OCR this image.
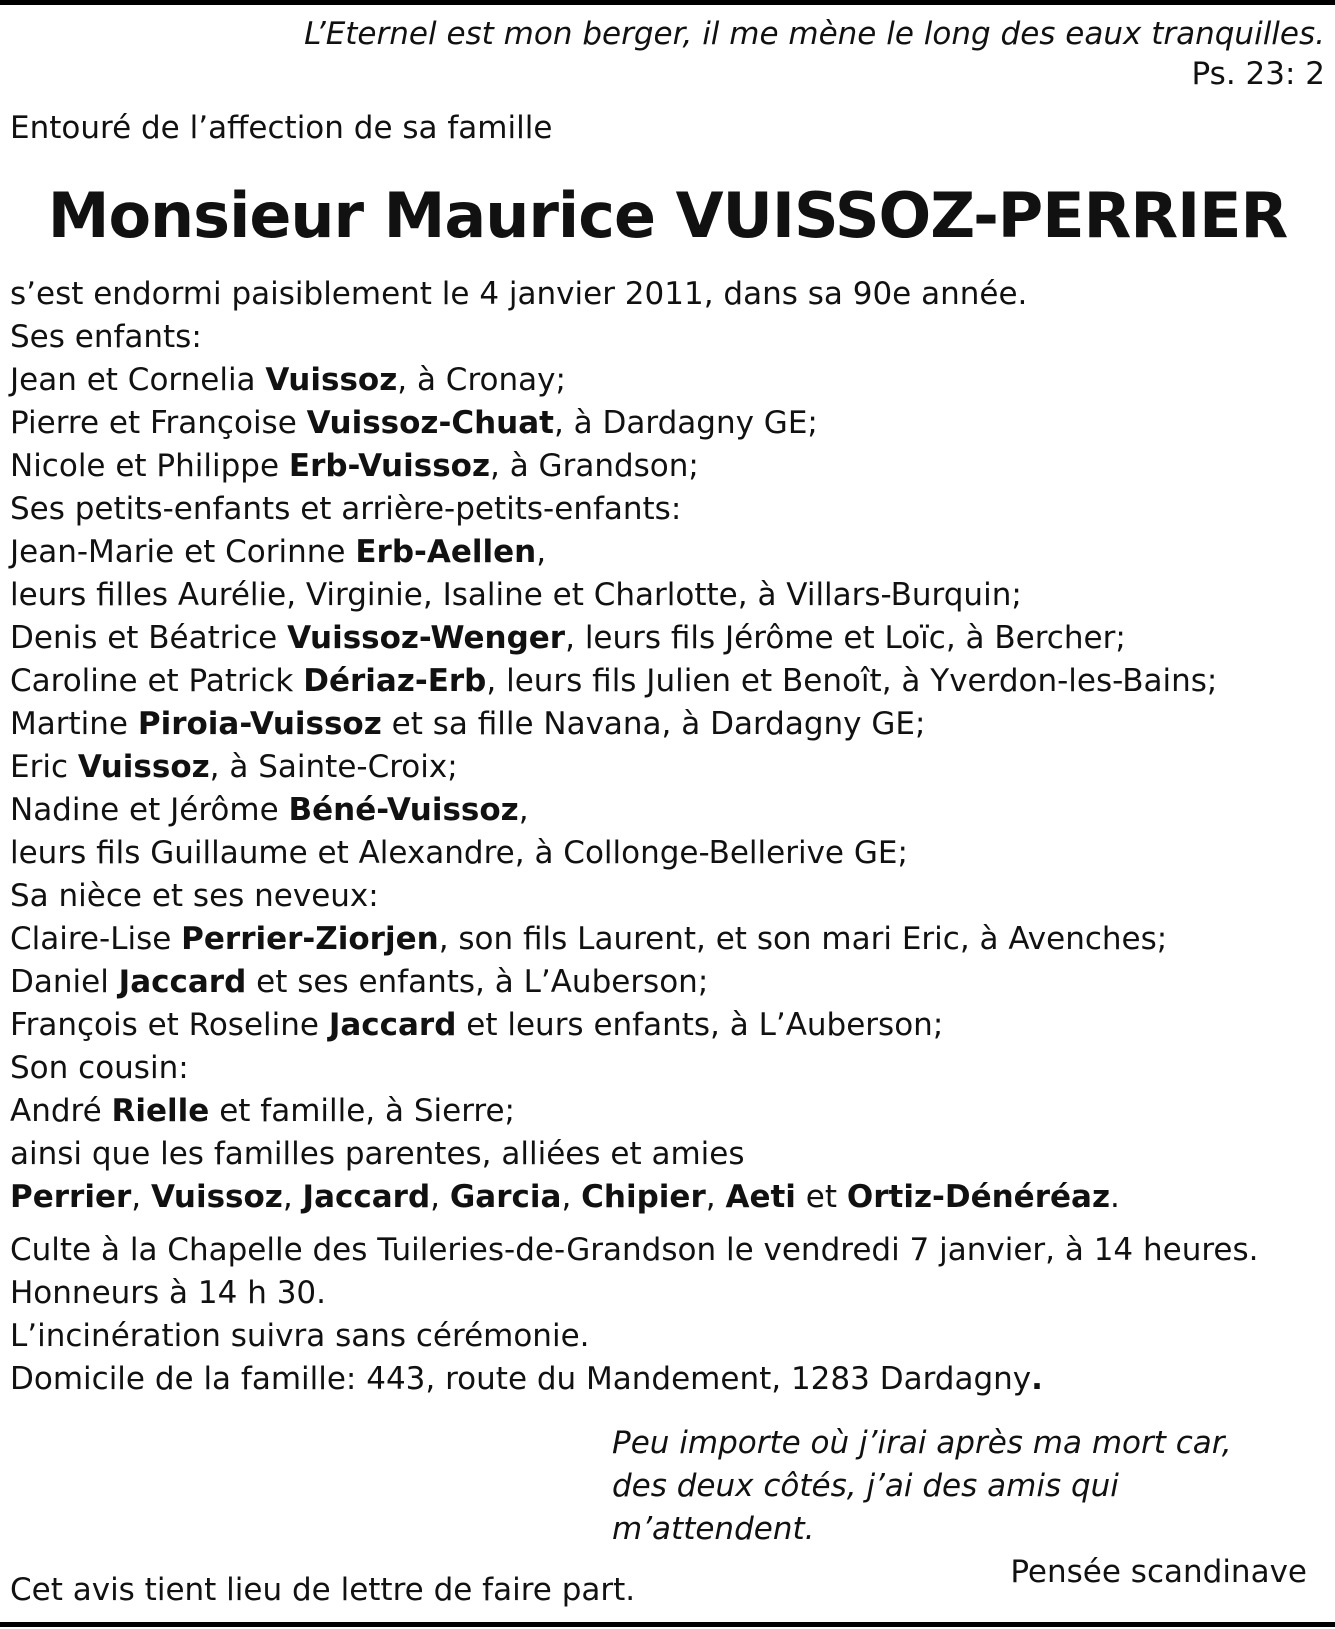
L’Eternel est mon berger, il me mène le long des eaux tranquilles.
Ps. 23: 2
Entouré de l’affection de sa famille
Monsieur Maurice VUISSOZ-PERRIER
s’est endormi paisiblement le 4 janvier 2011, dans sa 90e année.
Ses enfants:
Jean et Cornelia Vuissoz, à Cronay;
Pierre et Françoise Vuissoz-Chuat, à Dardagny GE;
Nicole et Philippe Erb-Vuissoz, à Grandson;
Ses petits-enfants et arrière-petits-enfants:
Jean-Marie et Corinne Erb-Aellen,
leurs filles Aurélie, Virginie, Isaline et Charlotte, à Villars-Burquin;
Denis et Béatrice Vuissoz-Wenger, leurs fils Jérôme et Loïc, à Bercher;
Caroline et Patrick Dériaz-Erb, leurs fils Julien et Benoît, à Yverdon-les-Bains;
Martine Piroia-Vuissoz et sa fille Navana, à Dardagny GE;
Eric Vuissoz, à Sainte-Croix;
Nadine et Jérôme Béné-Vuissoz,
leurs fils Guillaume et Alexandre, à Collonge-Bellerive GE;
Sa nièce et ses neveux:
Claire-Lise Perrier-Ziorjen, son fils Laurent, et son mari Eric, à Avenches;
Daniel Jaccard et ses enfants, à L’Auberson;
François et Roseline Jaccard et leurs enfants, à L’Auberson;
Son cousin:
André Rielle et famille, à Sierre;
ainsi que les familles parentes, alliées et amies
Perrier, Vuissoz, Jaccard, Garcia, Chipier, Aeti et Ortiz-Dénéréaz.
Culte à la Chapelle des Tuileries-de-Grandson le vendredi 7 janvier, à 14 heures.
Honneurs à 14 h 30.
L’incinération suivra sans cérémonie.
Domicile de la famille: 443, route du Mandement, 1283 Dardagny.
Peu importe où j’irai après ma mort car,
des deux côtés, j’ai des amis qui m’attendent.
Pensée scandinave
Cet avis tient lieu de lettre de faire part.
